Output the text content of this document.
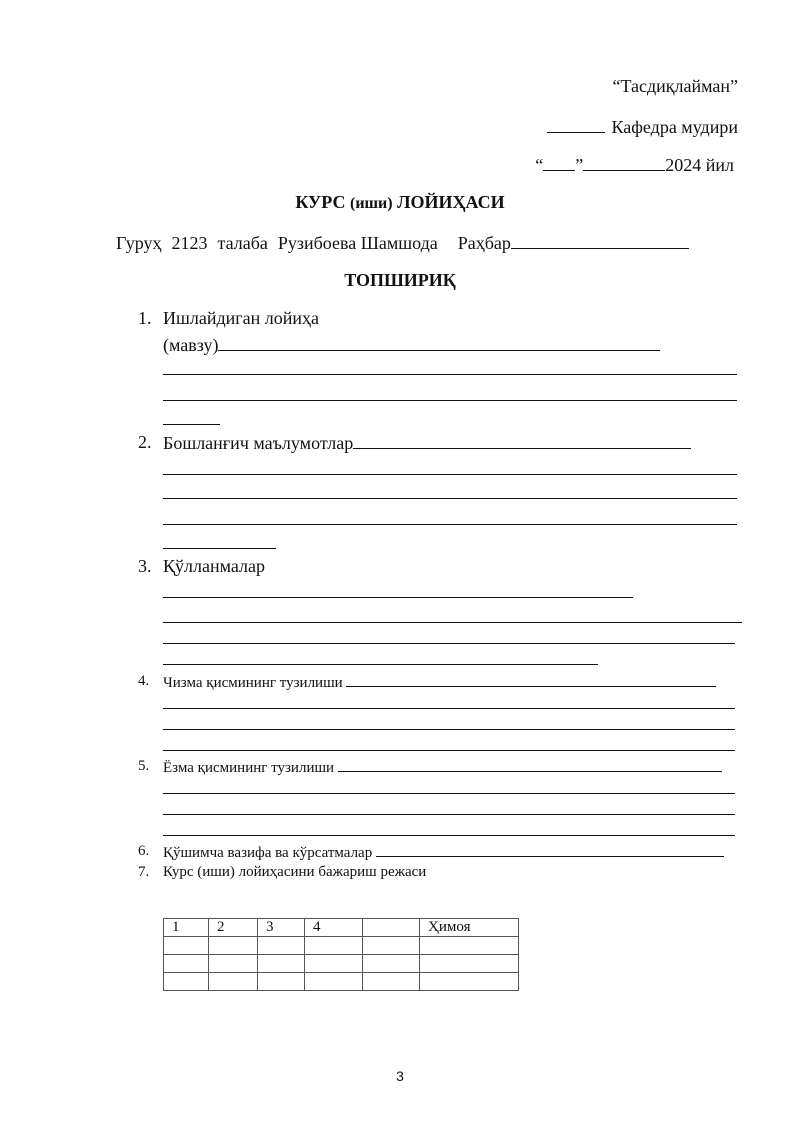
“Тасдиқлайман”
Кафедра мудири
“ ”	2024 йил
КУРС (иши) ЛОЙИҲАСИ
Гуруҳ 2123 талаба Рузибоева Шамшода Раҳбар
ТОПШИРИҚ
1. Ишлайдиган лойиҳа
(мавзу)
2. Бошланғич маълумотлар
3. Қўлланмалар
4. Чизма қисмининг тузилиши
5. Ёзма қисмининг тузилиши
6. Қўшимча вазифа ва кўрсатмалар
7. Курс (иши) лойиҳасини бажариш режаси
1	2	3	4		Ҳимоя

3
